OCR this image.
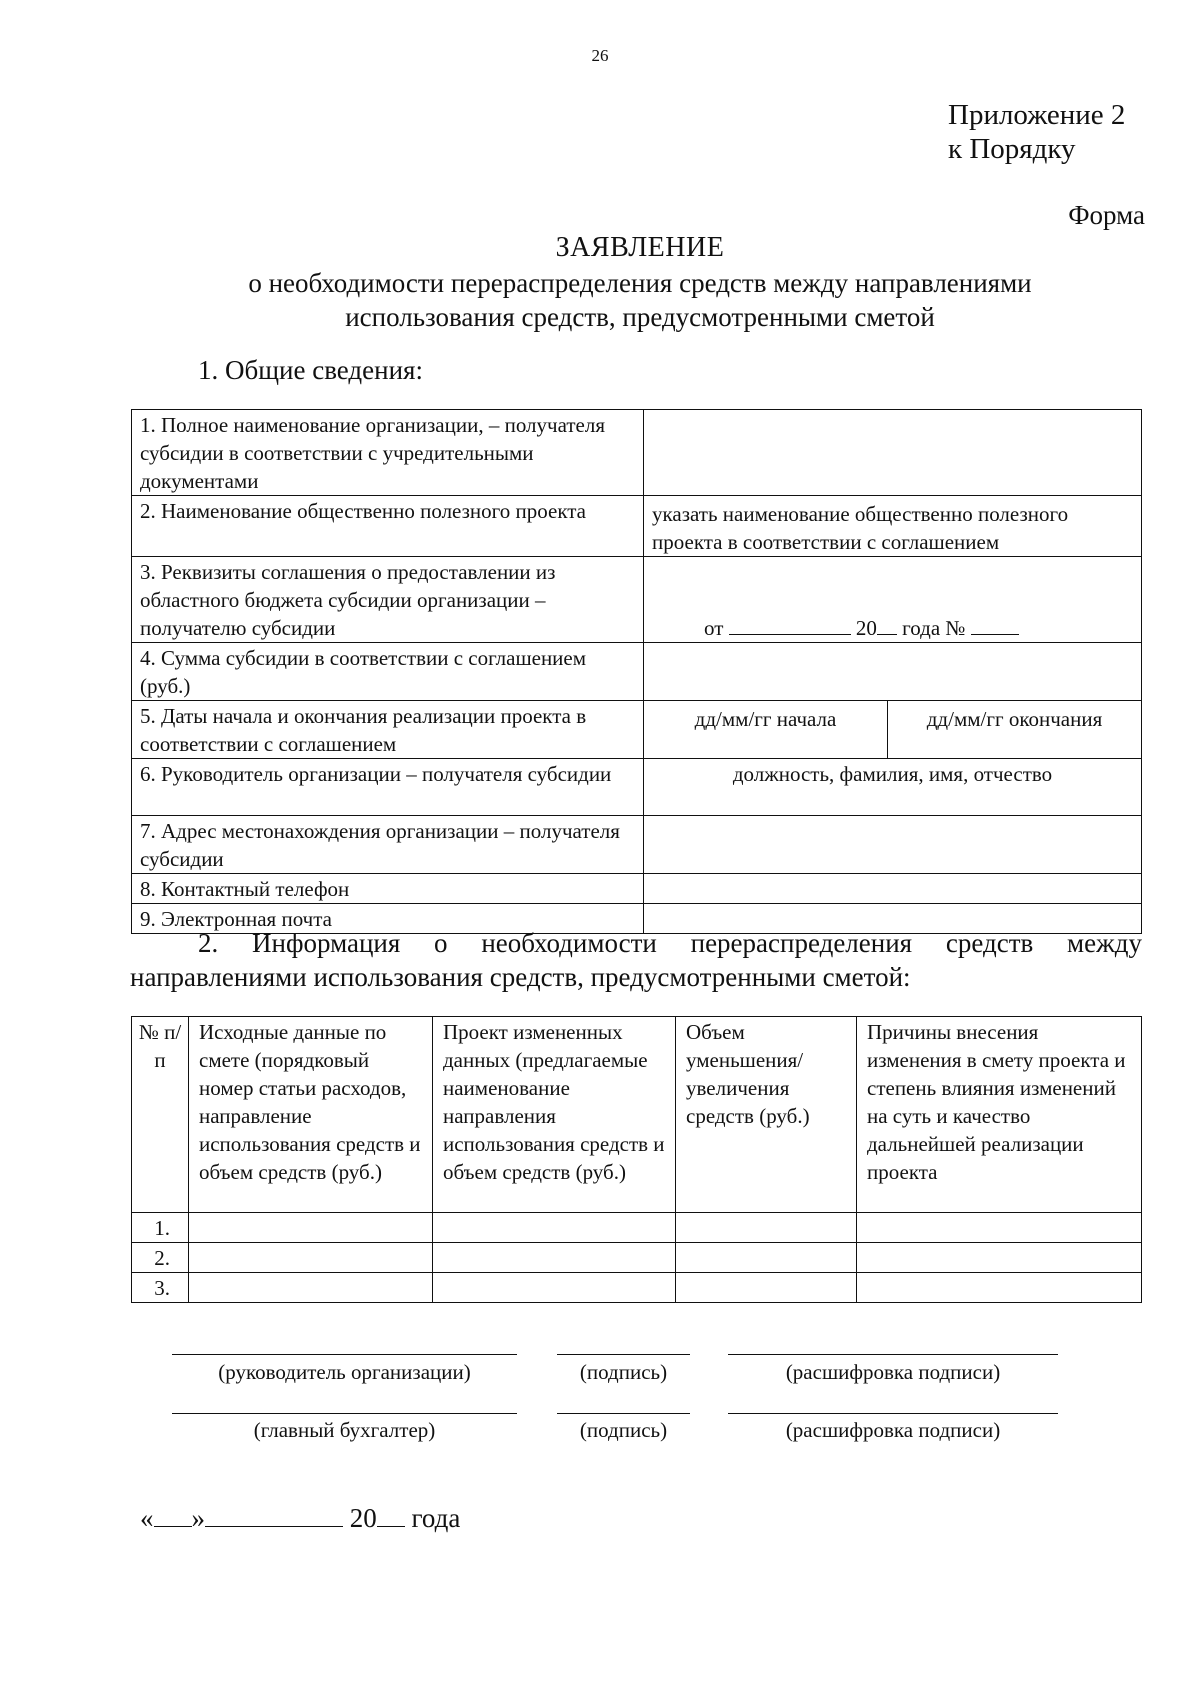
26
Приложение 2
к Порядку
Форма
ЗАЯВЛЕНИЕ
о необходимости перераспределения средств между направлениями
использования средств, предусмотренными сметой
1. Общие сведения:
1. Полное наименование организации, – получателя субсидии в соответствии с учредительными документами		
2. Наименование общественно полезного проекта	указать наименование общественно полезного проекта в соответствии с соглашением	
3. Реквизиты соглашения о предоставлении из областного бюджета субсидии организации – получателю субсидии	от 20 года №	
4. Сумма субсидии в соответствии с соглашением (руб.)		
5. Даты начала и окончания реализации проекта в соответствии с соглашением	дд/мм/гг начала	дд/мм/гг окончания
6. Руководитель организации – получателя субсидии	должность, фамилия, имя, отчество	
7. Адрес местонахождения организации – получателя субсидии		
8. Контактный телефон		
9. Электронная почта		
2. Информация о необходимости перераспределения средств между направлениями использования средств, предусмотренными сметой:
№ п/п	Исходные данные по смете (порядковый номер статьи расходов, направление использования средств и объем средств (руб.)	Проект измененных данных (предлагаемые наименование направления использования средств и объем средств (руб.)	Объем уменьшения/ увеличения средств (руб.)	Причины внесения изменения в смету проекта и степень влияния изменений на суть и качество дальнейшей реализации проекта
1.				
2.				
3.				
(руководитель организации)	(подпись)	(расшифровка подписи)
(главный бухгалтер)	(подпись)	(расшифровка подписи)
« »	20 года
